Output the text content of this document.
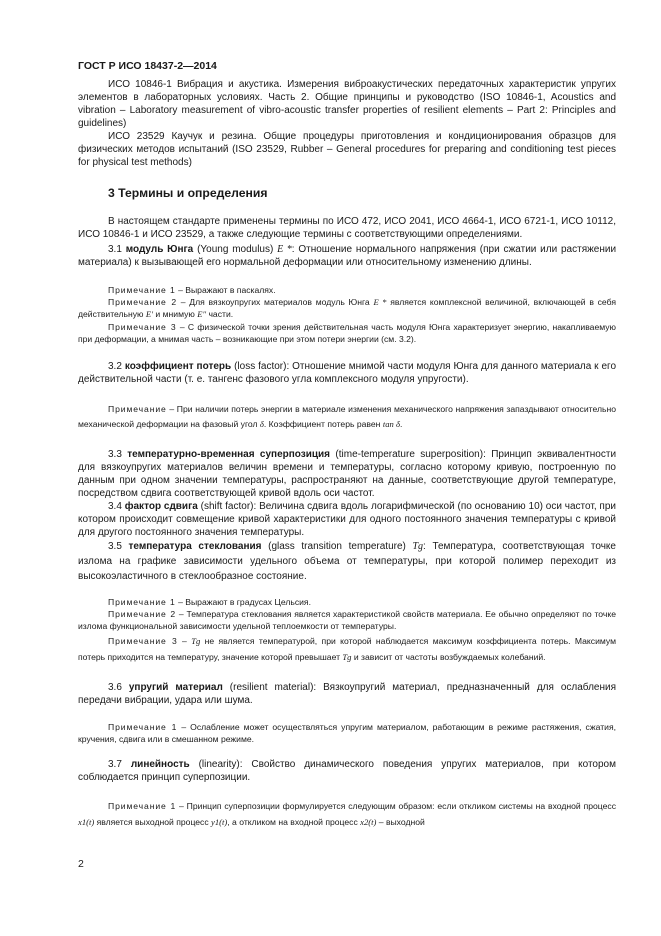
ГОСТ Р ИСО 18437-2—2014

ИСО 10846-1 Вибрация и акустика. Измерения виброакустических передаточных характеристик упругих элементов в лабораторных условиях. Часть 2. Общие принципы и руководство (ISO 10846-1, Acoustics and vibration – Laboratory measurement of vibro-acoustic transfer properties of resilient elements – Part 2: Principles and guidelines)

ИСО 23529 Каучук и резина. Общие процедуры приготовления и кондиционирования образцов для физических методов испытаний (ISO 23529, Rubber – General procedures for preparing and conditioning test pieces for physical test methods)

3 Термины и определения

В настоящем стандарте применены термины по ИСО 472, ИСО 2041, ИСО 4664-1, ИСО 6721-1, ИСО 10112, ИСО 10846-1 и ИСО 23529, а также следующие термины с соответствующими определениями.

3.1 модуль Юнга (Young modulus) E *: Отношение нормального напряжения (при сжатии или растяжении материала) к вызывающей его нормальной деформации или относительному изменению длины.

Примечание 1 – Выражают в паскалях.

Примечание 2 – Для вязкоупругих материалов модуль Юнга E * является комплексной величиной, включающей в себя действительную E′ и мнимую E″ части.

Примечание 3 – С физической точки зрения действительная часть модуля Юнга характеризует энергию, накапливаемую при деформации, а мнимая часть – возникающие при этом потери энергии (см. 3.2).

3.2 коэффициент потерь (loss factor): Отношение мнимой части модуля Юнга для данного материала к его действительной части (т. е. тангенс фазового угла комплексного модуля упругости).

Примечание – При наличии потерь энергии в материале изменения механического напряжения запаздывают относительно механической деформации на фазовый угол δ. Коэффициент потерь равен tan δ.

3.3 температурно-временная суперпозиция (time-temperature superposition): Принцип эквивалентности для вязкоупругих материалов величин времени и температуры, согласно которому кривую, построенную по данным при одном значении температуры, распространяют на данные, соответствующие другой температуре, посредством сдвига соответствующей кривой вдоль оси частот.

3.4 фактор сдвига (shift factor): Величина сдвига вдоль логарифмической (по основанию 10) оси частот, при котором происходит совмещение кривой характеристики для одного постоянного значения температуры с кривой для другого постоянного значения температуры.

3.5 температура стеклования (glass transition temperature) Tg: Температура, соответствующая точке излома на графике зависимости удельного объема от температуры, при которой полимер переходит из высокоэластичного в стеклообразное состояние.

Примечание 1 – Выражают в градусах Цельсия.

Примечание 2 – Температура стеклования является характеристикой свойств материала. Ее обычно определяют по точке излома функциональной зависимости удельной теплоемкости от температуры.

Примечание 3 – Tg не является температурой, при которой наблюдается максимум коэффициента потерь. Максимум потерь приходится на температуру, значение которой превышает Tg и зависит от частоты возбуждаемых колебаний.

3.6 упругий материал (resilient material): Вязкоупругий материал, предназначенный для ослабления передачи вибрации, удара или шума.

Примечание 1 – Ослабление может осуществляться упругим материалом, работающим в режиме растяжения, сжатия, кручения, сдвига или в смешанном режиме.

3.7 линейность (linearity): Свойство динамического поведения упругих материалов, при котором соблюдается принцип суперпозиции.

Примечание 1 – Принцип суперпозиции формулируется следующим образом: если откликом системы на входной процесс x1(t) является выходной процесс y1(t), а откликом на входной процесс x2(t) – выходной

2
